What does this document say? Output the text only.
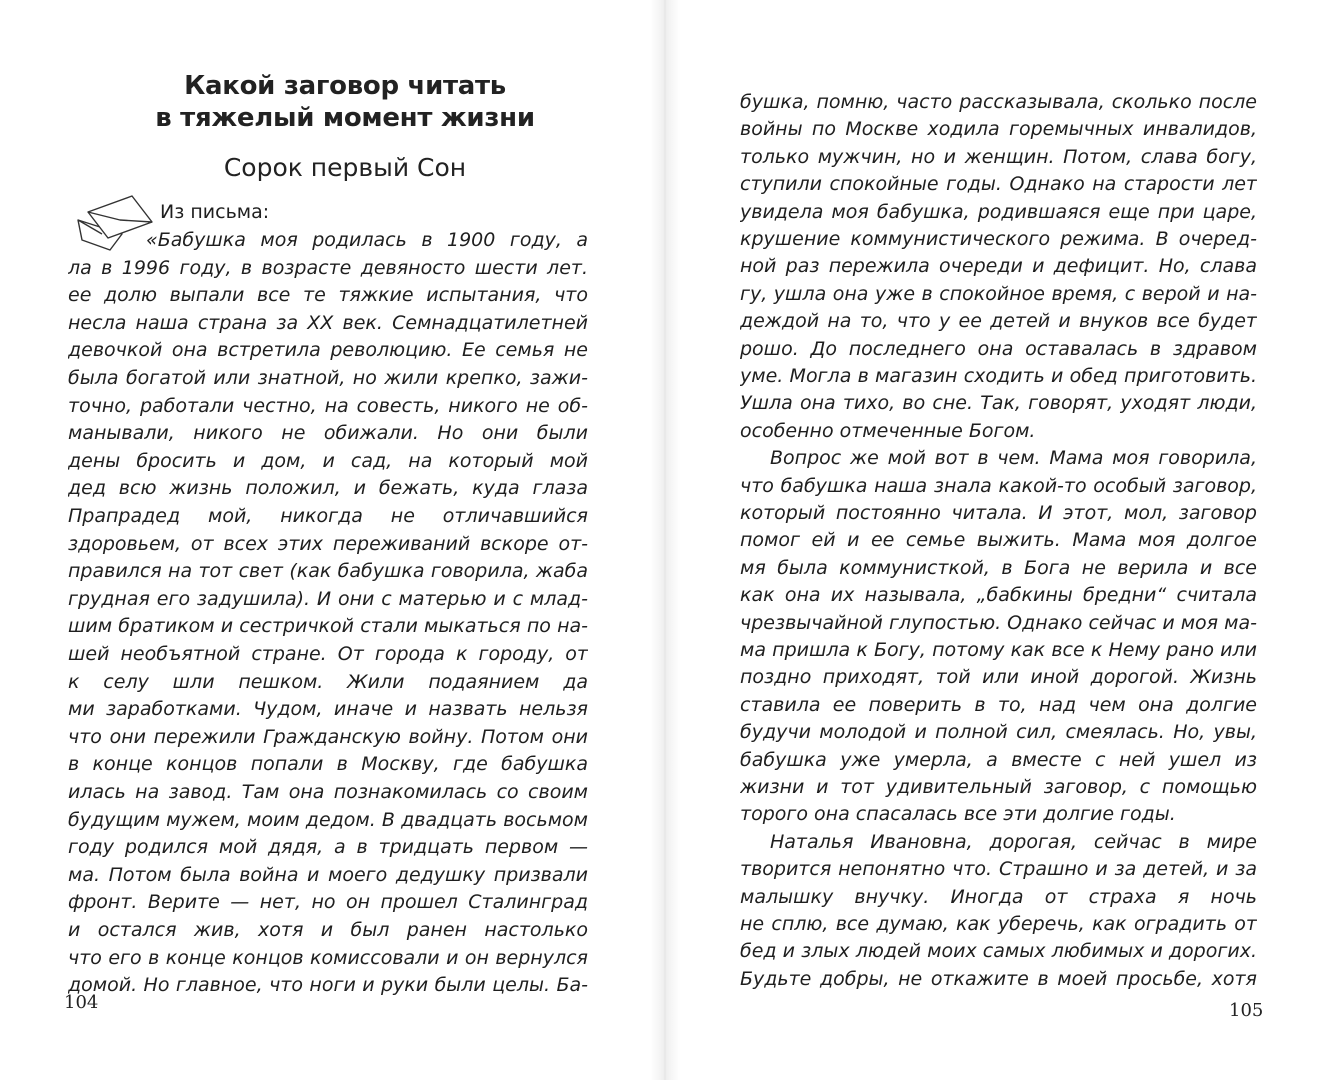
Какой заговор читать
в тяжелый момент жизни
Сорок первый Сон
Из письма:
«Бабушка моя родилась в 1900 году, а
ла в 1996 году, в возрасте девяносто шести лет.
ее долю выпали все те тяжкие испытания, что
несла наша страна за XX век. Семнадцатилетней
девочкой она встретила революцию. Ее семья не
была богатой или знатной, но жили крепко, зажи-
точно, работали честно, на совесть, никого не об-
манывали, никого не обижали. Но они были
дены бросить и дом, и сад, на который мой
дед всю жизнь положил, и бежать, куда глаза
Прапрадед мой, никогда не отличавшийся
здоровьем, от всех этих переживаний вскоре от-
правился на тот свет (как бабушка говорила, жаба
грудная его задушила). И они с матерью и с млад-
шим братиком и сестричкой стали мыкаться по на-
шей необъятной стране. От города к городу, от
к селу шли пешком. Жили подаянием да
ми заработками. Чудом, иначе и назвать нельзя
что они пережили Гражданскую войну. Потом они
в конце концов попали в Москву, где бабушка
илась на завод. Там она познакомилась со своим
будущим мужем, моим дедом. В двадцать восьмом
году родился мой дядя, а в тридцать первом —
ма. Потом была война и моего дедушку призвали
фронт. Верите — нет, но он прошел Сталинград
и остался жив, хотя и был ранен настолько
что его в конце концов комиссовали и он вернулся
домой. Но главное, что ноги и руки были целы. Ба-
104
бушка, помню, часто рассказывала, сколько после
войны по Москве ходила горемычных инвалидов,
только мужчин, но и женщин. Потом, слава богу,
ступили спокойные годы. Однако на старости лет
увидела моя бабушка, родившаяся еще при царе,
крушение коммунистического режима. В очеред-
ной раз пережила очереди и дефицит. Но, слава
гу, ушла она уже в спокойное время, с верой и на-
деждой на то, что у ее детей и внуков все будет
рошо. До последнего она оставалась в здравом
уме. Могла в магазин сходить и обед приготовить.
Ушла она тихо, во сне. Так, говорят, уходят люди,
особенно отмеченные Богом.
Вопрос же мой вот в чем. Мама моя говорила,
что бабушка наша знала какой-то особый заговор,
который постоянно читала. И этот, мол, заговор
помог ей и ее семье выжить. Мама моя долгое
мя была коммунисткой, в Бога не верила и все
как она их называла, „бабкины бредни“ считала
чрезвычайной глупостью. Однако сейчас и моя ма-
ма пришла к Богу, потому как все к Нему рано или
поздно приходят, той или иной дорогой. Жизнь
ставила ее поверить в то, над чем она долгие
будучи молодой и полной сил, смеялась. Но, увы,
бабушка уже умерла, а вместе с ней ушел из
жизни и тот удивительный заговор, с помощью
торого она спасалась все эти долгие годы.
Наталья Ивановна, дорогая, сейчас в мире
творится непонятно что. Страшно и за детей, и за
малышку внучку. Иногда от страха я ночь
не сплю, все думаю, как уберечь, как оградить от
бед и злых людей моих самых любимых и дорогих.
Будьте добры, не откажите в моей просьбе, хотя
105
